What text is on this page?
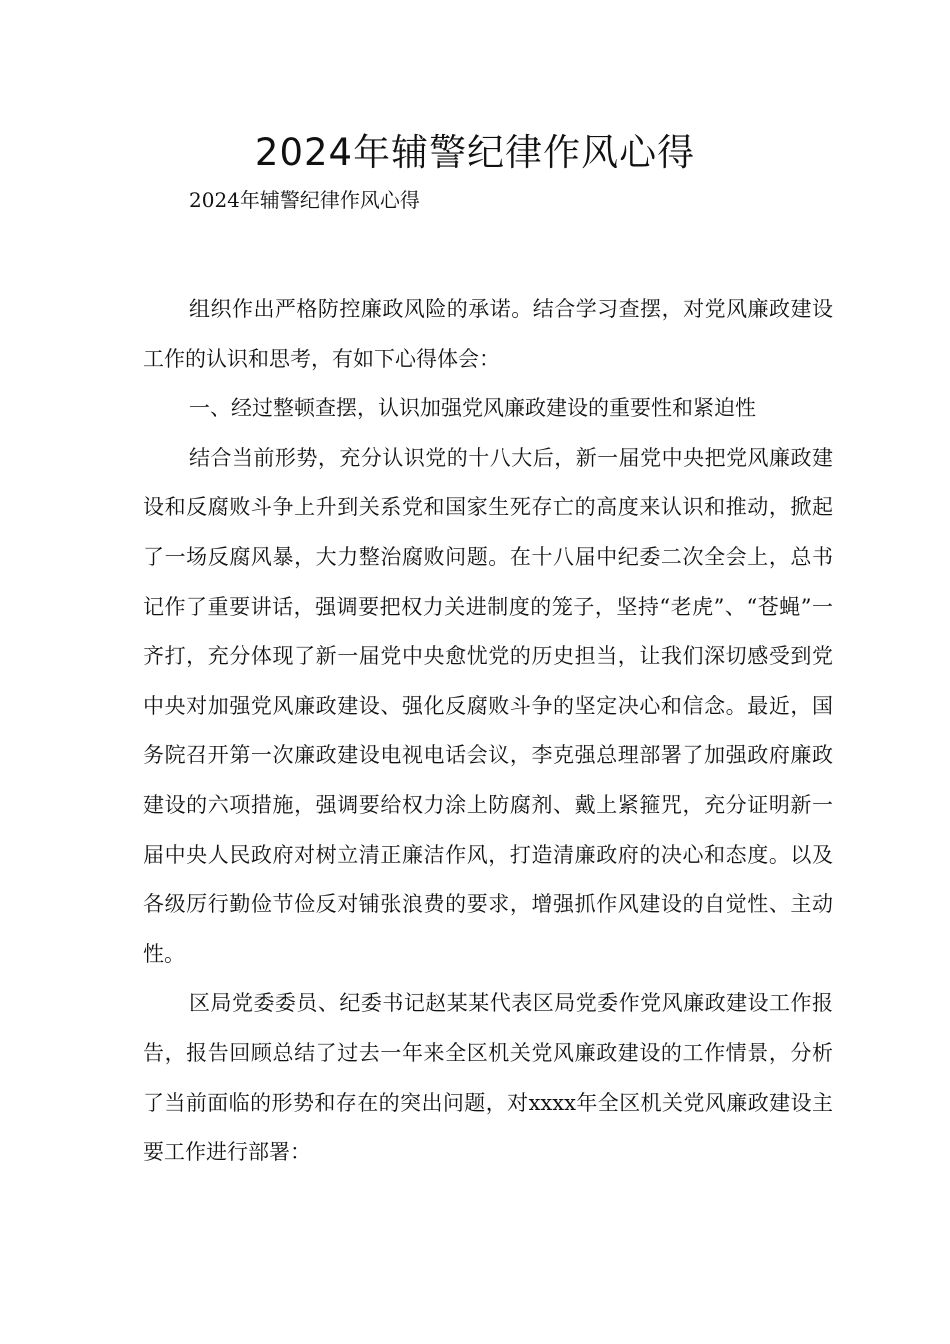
2024年辅警纪律作风心得
2024年辅警纪律作风心得

组织作出严格防控廉政风险的承诺。结合学习查摆，对党风廉政建设工作的认识和思考，有如下心得体会：

一、经过整顿查摆，认识加强党风廉政建设的重要性和紧迫性

结合当前形势，充分认识党的十八大后，新一届党中央把党风廉政建设和反腐败斗争上升到关系党和国家生死存亡的高度来认识和推动，掀起了一场反腐风暴，大力整治腐败问题。在十八届中纪委二次全会上，总书记作了重要讲话，强调要把权力关进制度的笼子，坚持“老虎”、“苍蝇”一齐打，充分体现了新一届党中央愈忧党的历史担当，让我们深切感受到党中央对加强党风廉政建设、强化反腐败斗争的坚定决心和信念。最近，国务院召开第一次廉政建设电视电话会议，李克强总理部署了加强政府廉政建设的六项措施，强调要给权力涂上防腐剂、戴上紧箍咒，充分证明新一届中央人民政府对树立清正廉洁作风，打造清廉政府的决心和态度。以及各级厉行勤俭节俭反对铺张浪费的要求，增强抓作风建设的自觉性、主动性。

区局党委委员、纪委书记赵某某代表区局党委作党风廉政建设工作报告，报告回顾总结了过去一年来全区机关党风廉政建设的工作情景，分析了当前面临的形势和存在的突出问题，对xxxx年全区机关党风廉政建设主要工作进行部署：
